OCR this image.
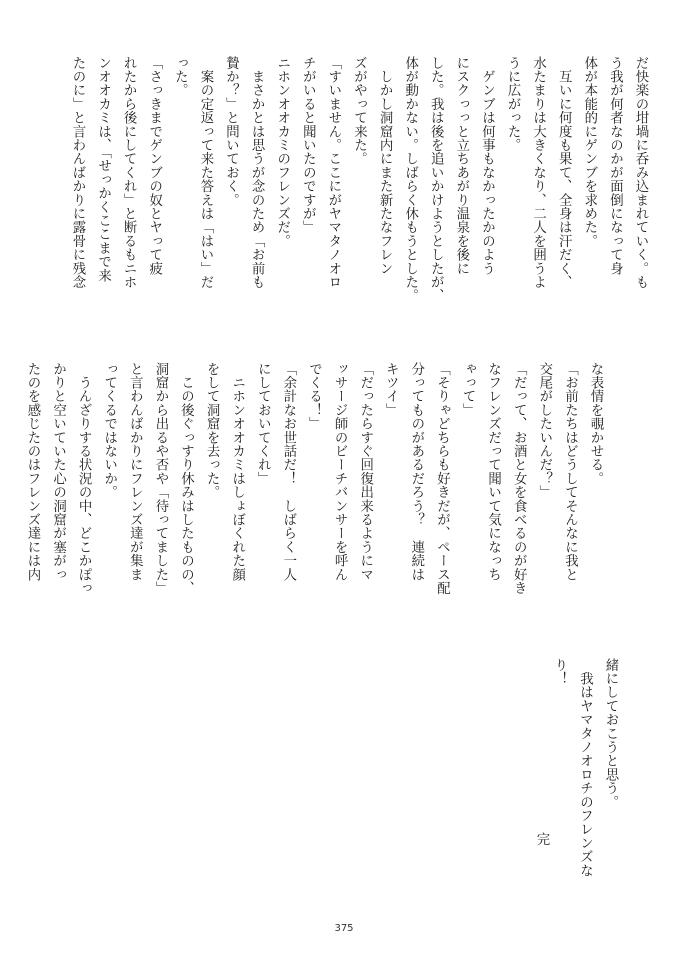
だ快楽の坩堝に呑み込まれていく。も
う我が何者なのかが面倒になって身
体が本能的にゲンブを求めた。
　互いに何度も果て、全身は汗だく、
水たまりは大きくなり、二人を囲うよ
うに広がった。
　ゲンブは何事もなかったかのよう
にスクっっと立ちあがり温泉を後に
した。我は後を追いかけようとしたが、
体が動かない。しばらく休もうとした。
　しかし洞窟内にまた新たなフレン
ズがやって来た。
「すいません。ここにがヤマタノオロ
チがいると聞いたのですが」
ニホンオオカミのフレンズだ。
　まさかとは思うが念のため「お前も
贄か？」と問いておく。
　案の定返って来た答えは「はい」だ
った。
「さっきまでゲンブの奴とヤって疲
れたから後にしてくれ」と断るもニホ
ンオオカミは、「せっかくここまで来
たのに」と言わんばかりに露骨に残念
な表情を覗かせる。
「お前たちはどうしてそんなに我と
交尾がしたいんだ？」
「だって、お酒と女を食べるのが好き
なフレンズだって聞いて気になっち
ゃって」
「そりゃどちらも好きだが、ペース配
分ってものがあるだろう？　連続は
キツイ」
「だったらすぐ回復出来るようにマ
ッサージ師のビーチバンサーを呼ん
でくる！」
「余計なお世話だ！　しばらく一人
にしておいてくれ」
　ニホンオオカミはしょぼくれた顔
をして洞窟を去った。
　この後ぐっすり休みはしたものの、
洞窟から出るや否や「待ってました」
と言わんばかりにフレンズ達が集ま
ってくるではないか。
　うんざりする状況の中、どこかぽっ
かりと空いていた心の洞窟が塞がっ
たのを感じたのはフレンズ達には内
緒にしておこうと思う。
　我はヤマタノオロチのフレンズな
り！
完
375
